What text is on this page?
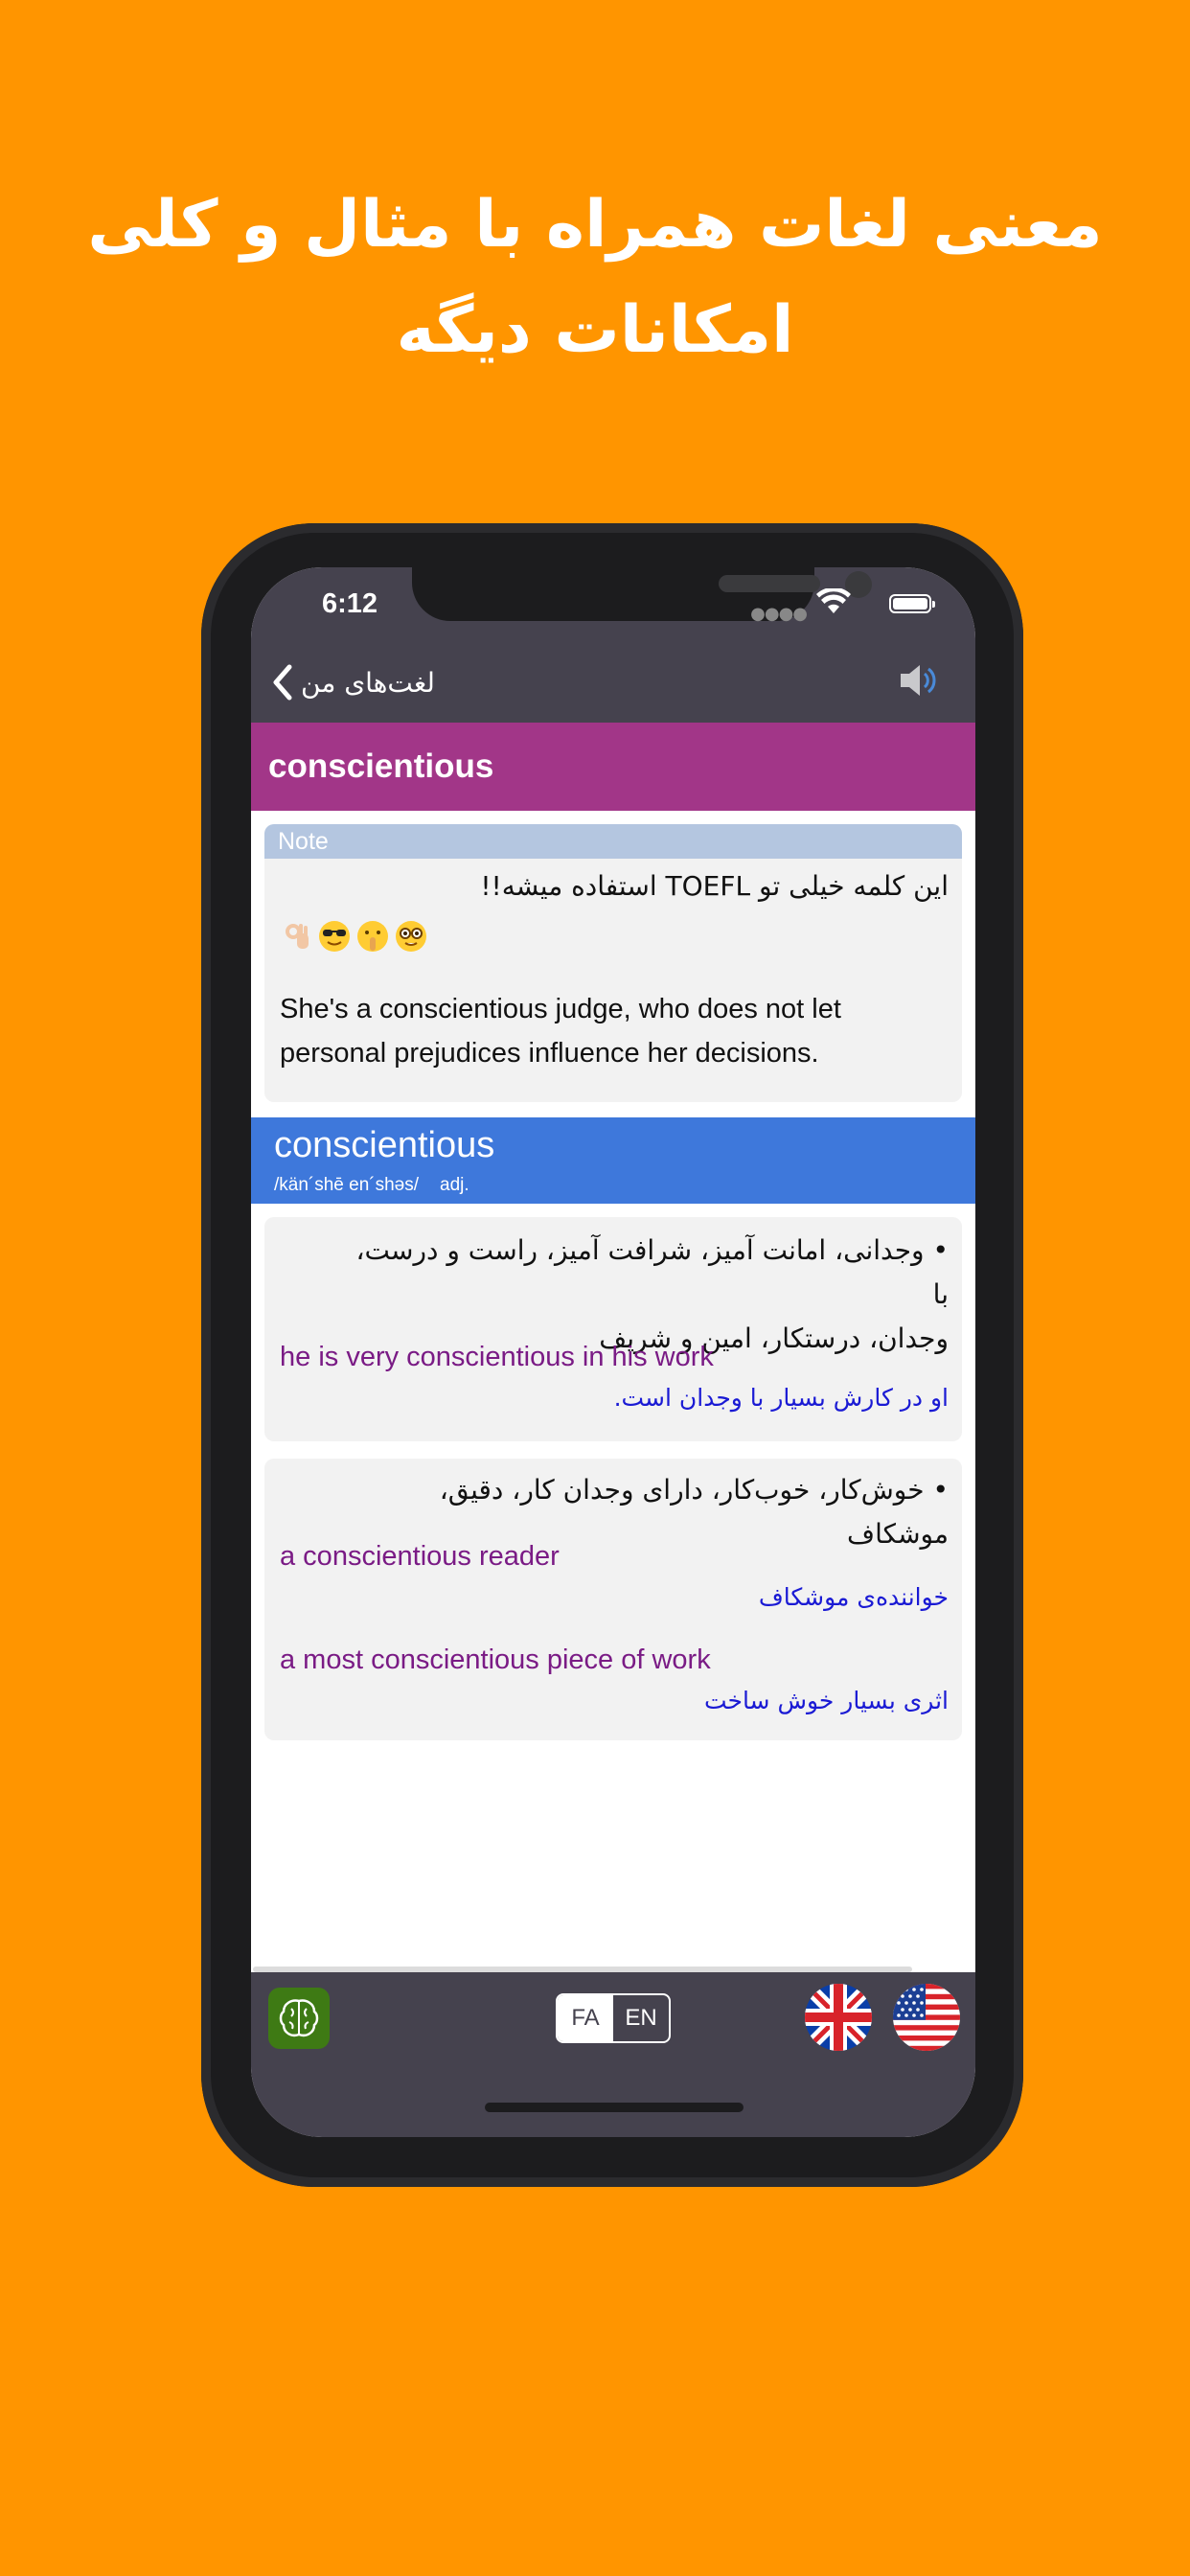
معنی لغات همراه با مثال و کلی
امکانات دیگه
6:12	●●●●
لغت‌های من
conscientious
Note
این کلمه خیلی تو TOEFL استفاده میشه!!
She's a conscientious judge, who does not let personal prejudices influence her decisions.
conscientious
/kän´shē en´shəs/ adj.
• وجدانی، امانت آمیز، شرافت آمیز، راست و درست، با
وجدان، درستکار، امین و شریف
he is very conscientious in his work
او در کارش بسیار با وجدان است.
• خوش‌کار، خوب‌کار، دارای وجدان کار، دقیق، موشکاف
a conscientious reader
خواننده‌ی موشکاف
a most conscientious piece of work
اثری بسیار خوش ساخت
FA	EN
